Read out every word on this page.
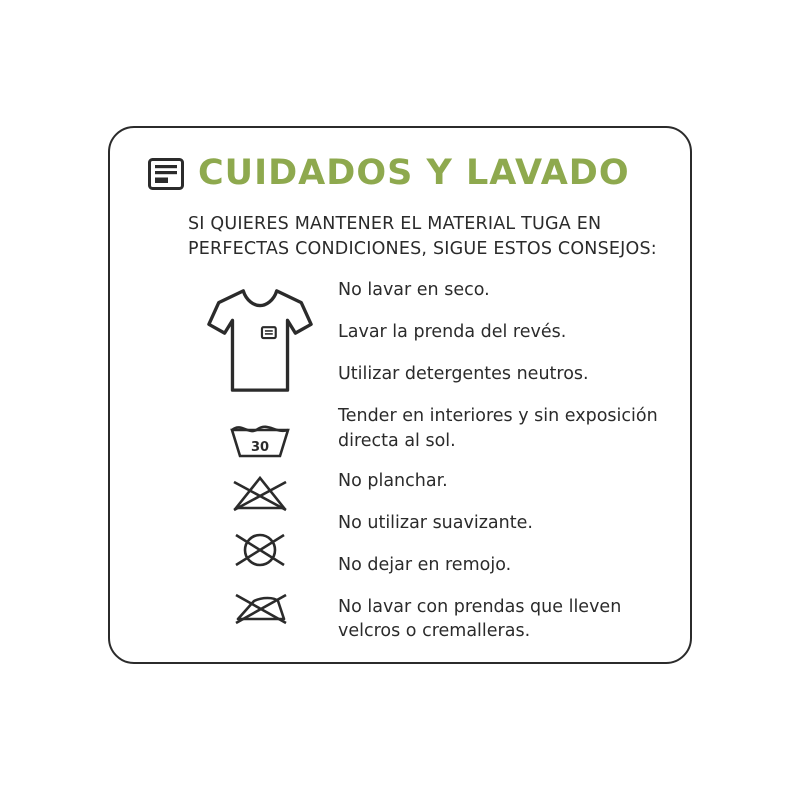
CUIDADOS Y LAVADO
SI QUIERES MANTENER EL MATERIAL TUGA EN
PERFECTAS CONDICIONES, SIGUE ESTOS CONSEJOS:
30
No lavar en seco.
Lavar la prenda del revés.
Utilizar detergentes neutros.
Tender en interiores y sin exposición directa al sol.
No planchar.
No utilizar suavizante.
No dejar en remojo.
No lavar con prendas que lleven velcros o cremalleras.
